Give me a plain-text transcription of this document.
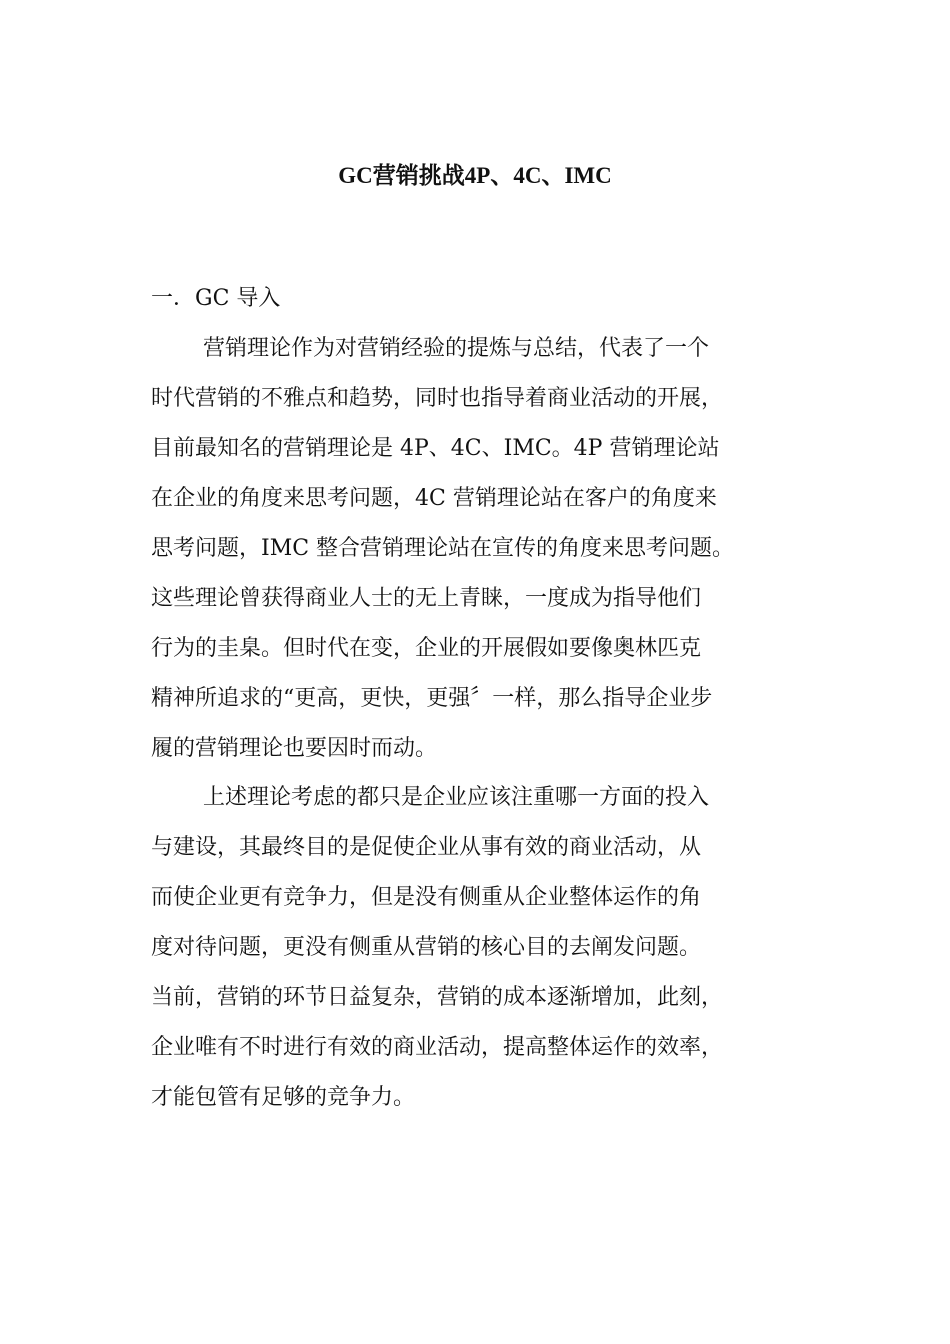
GC营销挑战4P、4C、IMC
一．GC 导入
营销理论作为对营销经验的提炼与总结，代表了一个
时代营销的不雅点和趋势，同时也指导着商业活动的开展，
目前最知名的营销理论是 4P、4C、IMC。4P 营销理论站
在企业的角度来思考问题，4C 营销理论站在客户的角度来
思考问题，IMC 整合营销理论站在宣传的角度来思考问题。
这些理论曾获得商业人士的无上青睐，一度成为指导他们
行为的圭臬。但时代在变，企业的开展假如要像奥林匹克
精神所追求的“更高，更快，更强〞一样，那么指导企业步
履的营销理论也要因时而动。
上述理论考虑的都只是企业应该注重哪一方面的投入
与建设，其最终目的是促使企业从事有效的商业活动，从
而使企业更有竞争力，但是没有侧重从企业整体运作的角
度对待问题，更没有侧重从营销的核心目的去阐发问题。
当前，营销的环节日益复杂，营销的成本逐渐增加，此刻，
企业唯有不时进行有效的商业活动，提高整体运作的效率，
才能包管有足够的竞争力。
